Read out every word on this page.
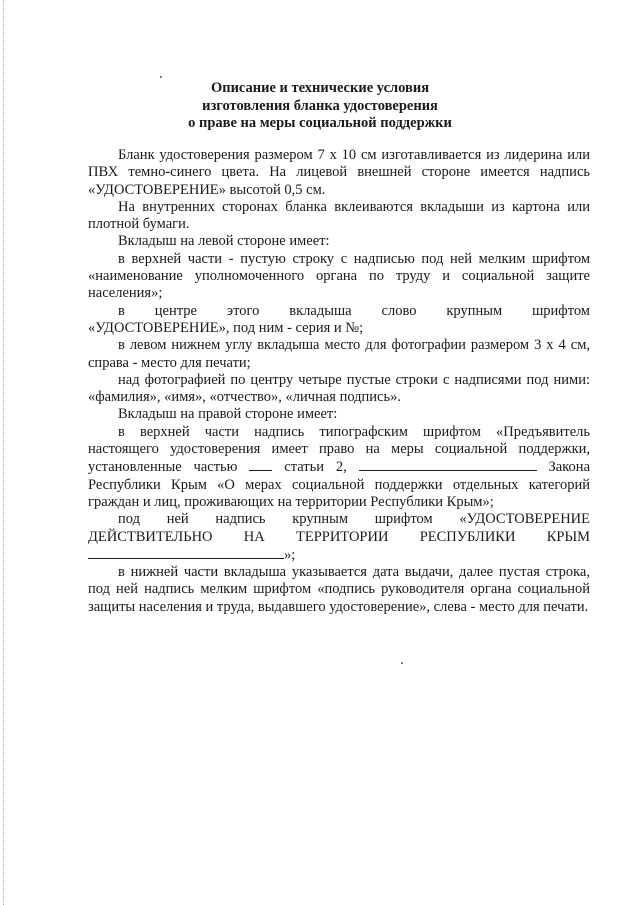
Описание и технические условия
изготовления бланка удостоверения
о праве на меры социальной поддержки

Бланк удостоверения размером 7 х 10 см изготавливается из лидерина или ПВХ темно-синего цвета. На лицевой внешней стороне имеется надпись «УДОСТОВЕРЕНИЕ» высотой 0,5 см.

На внутренних сторонах бланка вклеиваются вкладыши из картона или плотной бумаги.

Вкладыш на левой стороне имеет:

в верхней части - пустую строку с надписью под ней мелким шрифтом «наименование уполномоченного органа по труду и социальной защите населения»;

в центре этого вкладыша слово крупным шрифтом

«УДОСТОВЕРЕНИЕ», под ним - серия и №;

в левом нижнем углу вкладыша место для фотографии размером 3 х 4 см, справа - место для печати;

над фотографией по центру четыре пустые строки с надписями под ними: «фамилия», «имя», «отчество», «личная подпись».

Вкладыш на правой стороне имеет:

в верхней части надпись типографским шрифтом «Предъявитель настоящего удостоверения имеет право на меры социальной поддержки, установленные частью	статьи 2,	Закона Республики Крым «О мерах социальной поддержки отдельных категорий граждан и лиц, проживающих на территории Республики Крым»;

под ней надпись крупным шрифтом «УДОСТОВЕРЕНИЕ ДЕЙСТВИТЕЛЬНО НА ТЕРРИТОРИИ РЕСПУБЛИКИ КРЫМ»;

в нижней части вкладыша указывается дата выдачи, далее пустая строка, под ней надпись мелким шрифтом «подпись руководителя органа социальной защиты населения и труда, выдавшего удостоверение», слева - место для печати.
